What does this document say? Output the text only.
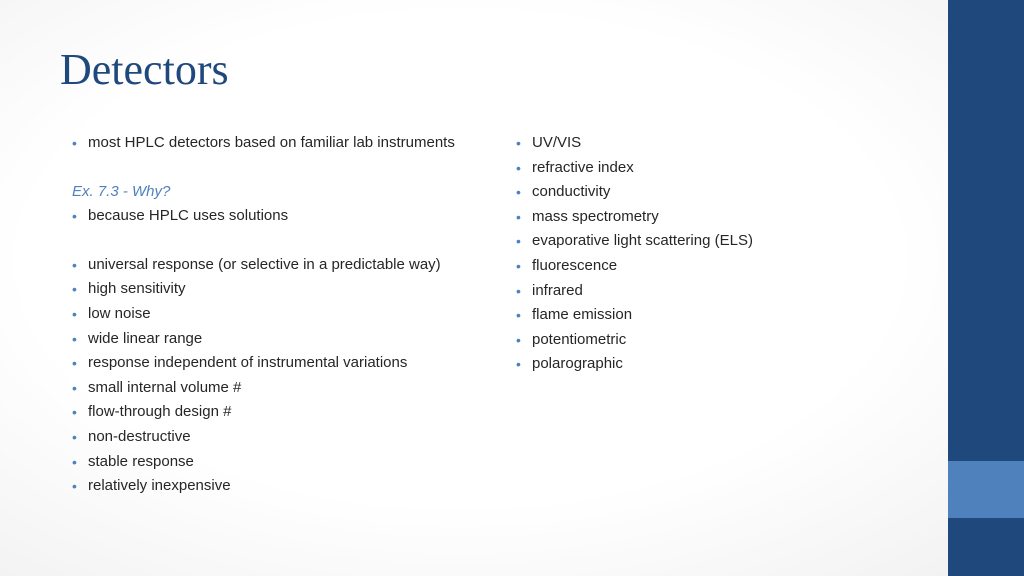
Detectors
• most HPLC detectors based on familiar lab instruments

Ex. 7.3 - Why?

• because HPLC uses solutions
• universal response (or selective in a predictable way)
• high sensitivity
• low noise
• wide linear range
• response independent of instrumental variations
• small internal volume #
• flow-through design #
• non-destructive
• stable response
• relatively inexpensive
• UV/VIS
• refractive index
• conductivity
• mass spectrometry
• evaporative light scattering (ELS)
• fluorescence
• infrared
• flame emission
• potentiometric
• polarographic
